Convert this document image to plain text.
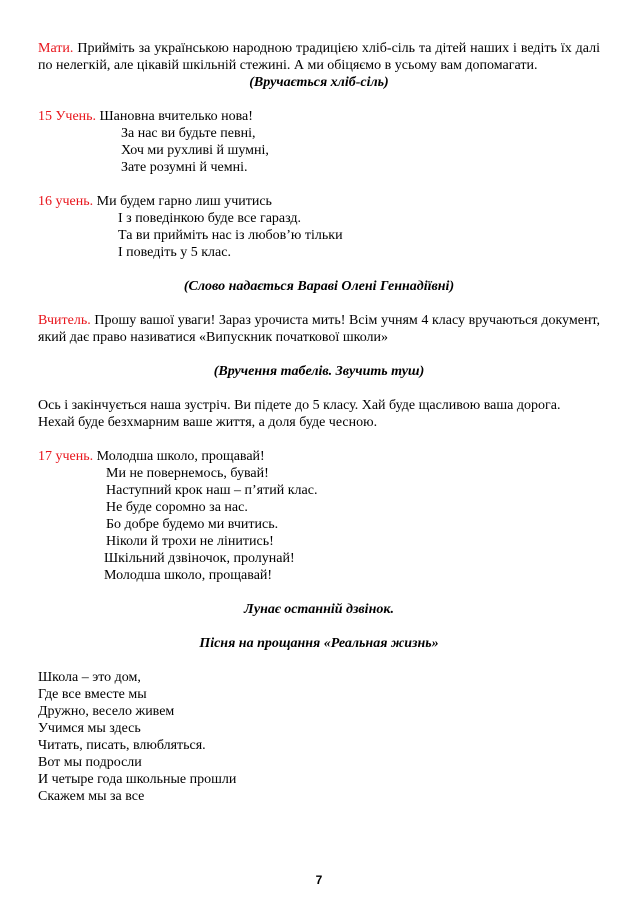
Мати. Прийміть за українською народною традицією хліб-сіль та дітей наших і ведіть їх далі по нелегкій, але цікавій шкільній стежині. А ми обіцяємо в усьому вам допомагати.

(Вручається хліб-сіль)

15 Учень. Шановна вчителько нова!

За нас ви будьте певні,

Хоч ми рухливі й шумні,

Зате розумні й чемні.

16 учень. Ми будем гарно лиш учитись

І з поведінкою буде все гаразд.

Та ви прийміть нас із любов’ю тільки

І поведіть у 5 клас.

(Слово надається Вараві Олені Геннадіївні)

Вчитель. Прошу вашої уваги! Зараз урочиста мить! Всім учням 4 класу вручаються документ, який дає право називатися «Випускник початкової школи»

(Вручення табелів. Звучить туш)

Ось і закінчується наша зустріч. Ви підете до 5 класу. Хай буде щасливою ваша дорога. Нехай буде безхмарним ваше життя, а доля буде чесною.

17 учень. Молодша школо, прощавай!

Ми не повернемось, бувай!

Наступний крок наш – п’ятий клас.

Не буде соромно за нас.

Бо добре будемо ми вчитись.

Ніколи й трохи не лінитись!

Шкільний дзвіночок, пролунай!

Молодша школо, прощавай!

Лунає останній дзвінок.

Пісня на прощання «Реальная жизнь»

Школа – это дом,

Где все вместе мы

Дружно, весело живем

Учимся мы здесь

Читать, писать, влюбляться.

Вот мы подросли

И четыре года школьные прошли

Скажем мы за все

7
